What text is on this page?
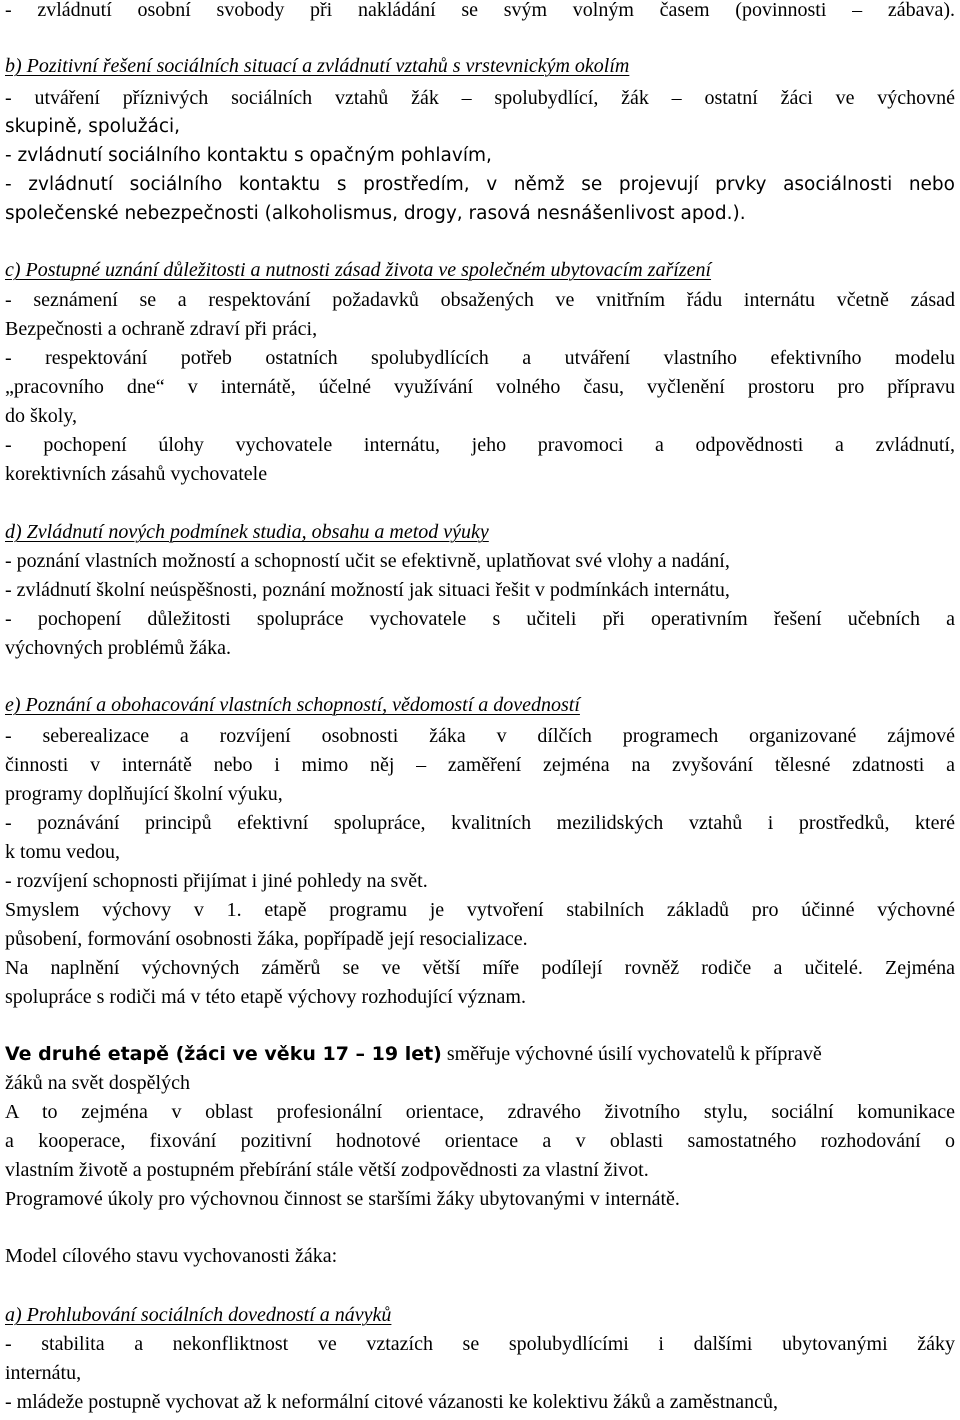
- zvládnutí osobní svobody při nakládání se svým volným časem (povinnosti – zábava).
b) Pozitivní řešení sociálních situací a zvládnutí vztahů s vrstevnickým okolím
- utváření příznivých sociálních vztahů žák – spolubydlící, žák – ostatní žáci ve výchovné
skupině, spolužáci,
- zvládnutí sociálního kontaktu s opačným pohlavím,
- zvládnutí sociálního kontaktu s prostředím, v němž se projevují prvky asociálnosti nebo
společenské nebezpečnosti (alkoholismus, drogy, rasová nesnášenlivost apod.).
c) Postupné uznání důležitosti a nutnosti zásad života ve společném ubytovacím zařízení
- seznámení se a respektování požadavků obsažených ve vnitřním řádu internátu včetně zásad
Bezpečnosti a ochraně zdraví při práci,
- respektování potřeb ostatních spolubydlících a utváření vlastního efektivního modelu
„pracovního dne“ v internátě, účelné využívání volného času, vyčlenění prostoru pro přípravu
do školy,
- pochopení úlohy vychovatele internátu, jeho pravomoci a odpovědnosti a zvládnutí,
korektivních zásahů vychovatele
d) Zvládnutí nových podmínek studia, obsahu a metod výuky
- poznání vlastních možností a schopností učit se efektivně, uplatňovat své vlohy a nadání,
- zvládnutí školní neúspěšnosti, poznání možností jak situaci řešit v podmínkách internátu,
- pochopení důležitosti spolupráce vychovatele s učiteli při operativním řešení učebních a
výchovných problémů žáka.
e) Poznání a obohacování vlastních schopností, vědomostí a dovedností
- seberealizace a rozvíjení osobnosti žáka v dílčích programech organizované zájmové
činnosti v internátě nebo i mimo něj – zaměření zejména na zvyšování tělesné zdatnosti a
programy doplňující školní výuku,
- poznávání principů efektivní spolupráce, kvalitních mezilidských vztahů i prostředků, které
k tomu vedou,
- rozvíjení schopnosti přijímat i jiné pohledy na svět.
Smyslem výchovy v 1. etapě programu je vytvoření stabilních základů pro účinné výchovné
působení, formování osobnosti žáka, popřípadě její resocializace.
Na naplnění výchovných záměrů se ve větší míře podílejí rovněž rodiče a učitelé. Zejména
spolupráce s rodiči má v této etapě výchovy rozhodující význam.
Ve druhé etapě (žáci ve věku 17 – 19 let) směřuje výchovné úsilí vychovatelů k přípravě
žáků na svět dospělých
A to zejména v oblast profesionální orientace, zdravého životního stylu, sociální komunikace
a kooperace, fixování pozitivní hodnotové orientace a v oblasti samostatného rozhodování o
vlastním životě a postupném přebírání stále větší zodpovědnosti za vlastní život.
Programové úkoly pro výchovnou činnost se staršími žáky ubytovanými v internátě.
Model cílového stavu vychovanosti žáka:
a) Prohlubování sociálních dovedností a návyků
- stabilita a nekonfliktnost ve vztazích se spolubydlícími i dalšími ubytovanými žáky
internátu,
- mládeže postupně vychovat až k neformální citové vázanosti ke kolektivu žáků a zaměstnanců,
